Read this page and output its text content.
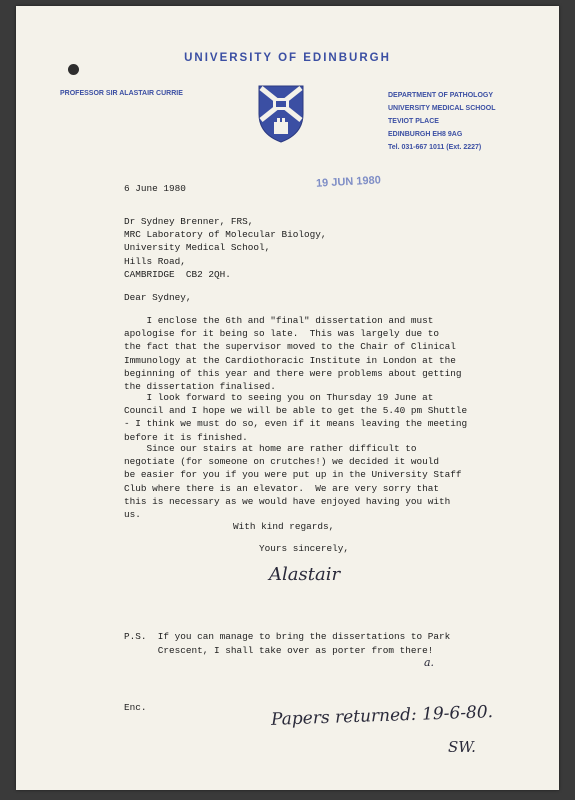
UNIVERSITY OF EDINBURGH
PROFESSOR SIR ALASTAIR CURRIE	DEPARTMENT OF PATHOLOGY
UNIVERSITY MEDICAL SCHOOL
TEVIOT PLACE
EDINBURGH EH8 9AG
Tel. 031-667 1011 (Ext. 2227)
19 JUN 1980
6 June 1980
Dr Sydney Brenner, FRS,
MRC Laboratory of Molecular Biology,
University Medical School,
Hills Road,
CAMBRIDGE  CB2 2QH.
Dear Sydney,
I enclose the 6th and "final" dissertation and must
apologise for it being so late.  This was largely due to
the fact that the supervisor moved to the Chair of Clinical
Immunology at the Cardiothoracic Institute in London at the
beginning of this year and there were problems about getting
the dissertation finalised.
I look forward to seeing you on Thursday 19 June at
Council and I hope we will be able to get the 5.40 pm Shuttle
- I think we must do so, even if it means leaving the meeting
before it is finished.
Since our stairs at home are rather difficult to
negotiate (for someone on crutches!) we decided it would
be easier for you if you were put up in the University Staff
Club where there is an elevator.  We are very sorry that
this is necessary as we would have enjoyed having you with
us.
With kind regards,
Yours sincerely,
Alastair
P.S.  If you can manage to bring the dissertations to Park
Crescent, I shall take over as porter from there!
a.
Enc.	Papers returned: 19-6-80.
SW.
